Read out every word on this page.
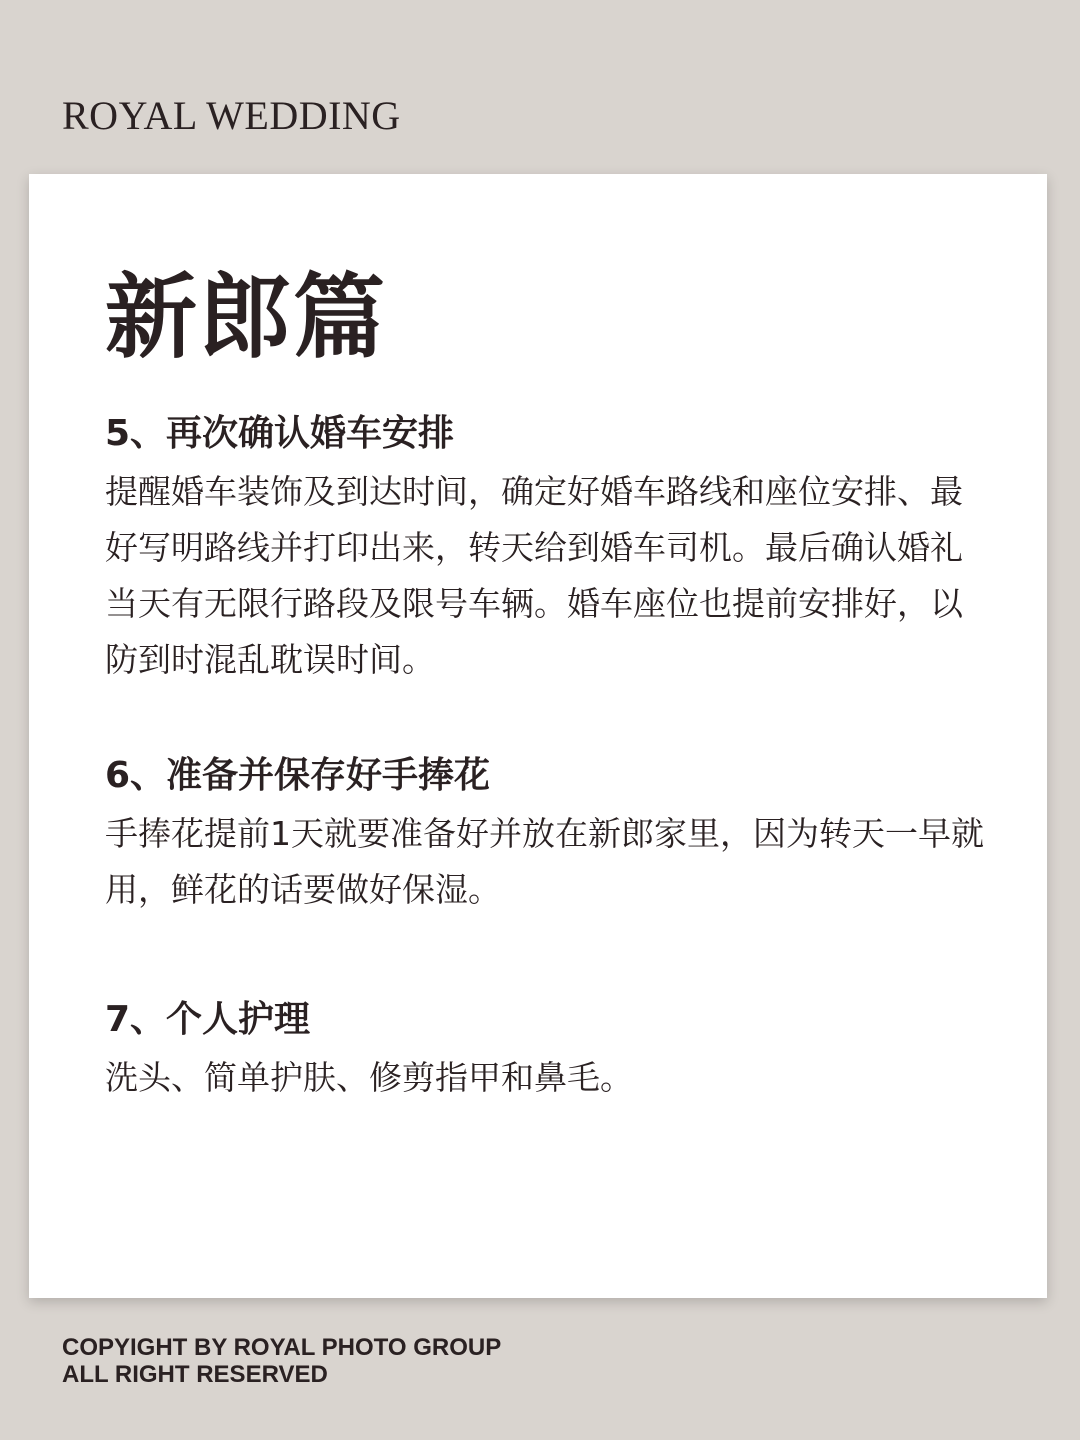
ROYAL WEDDING
新郎篇
5、再次确认婚车安排
提醒婚车装饰及到达时间，确定好婚车路线和座位安排、最好写明路线并打印出来，转天给到婚车司机。最后确认婚礼当天有无限行路段及限号车辆。婚车座位也提前安排好，以防到时混乱耽误时间。
6、准备并保存好手捧花
手捧花提前1天就要准备好并放在新郎家里，因为转天一早就用，鲜花的话要做好保湿。
7、个人护理
洗头、简单护肤、修剪指甲和鼻毛。
COPYIGHT BY ROYAL PHOTO GROUP
ALL RIGHT RESERVED
